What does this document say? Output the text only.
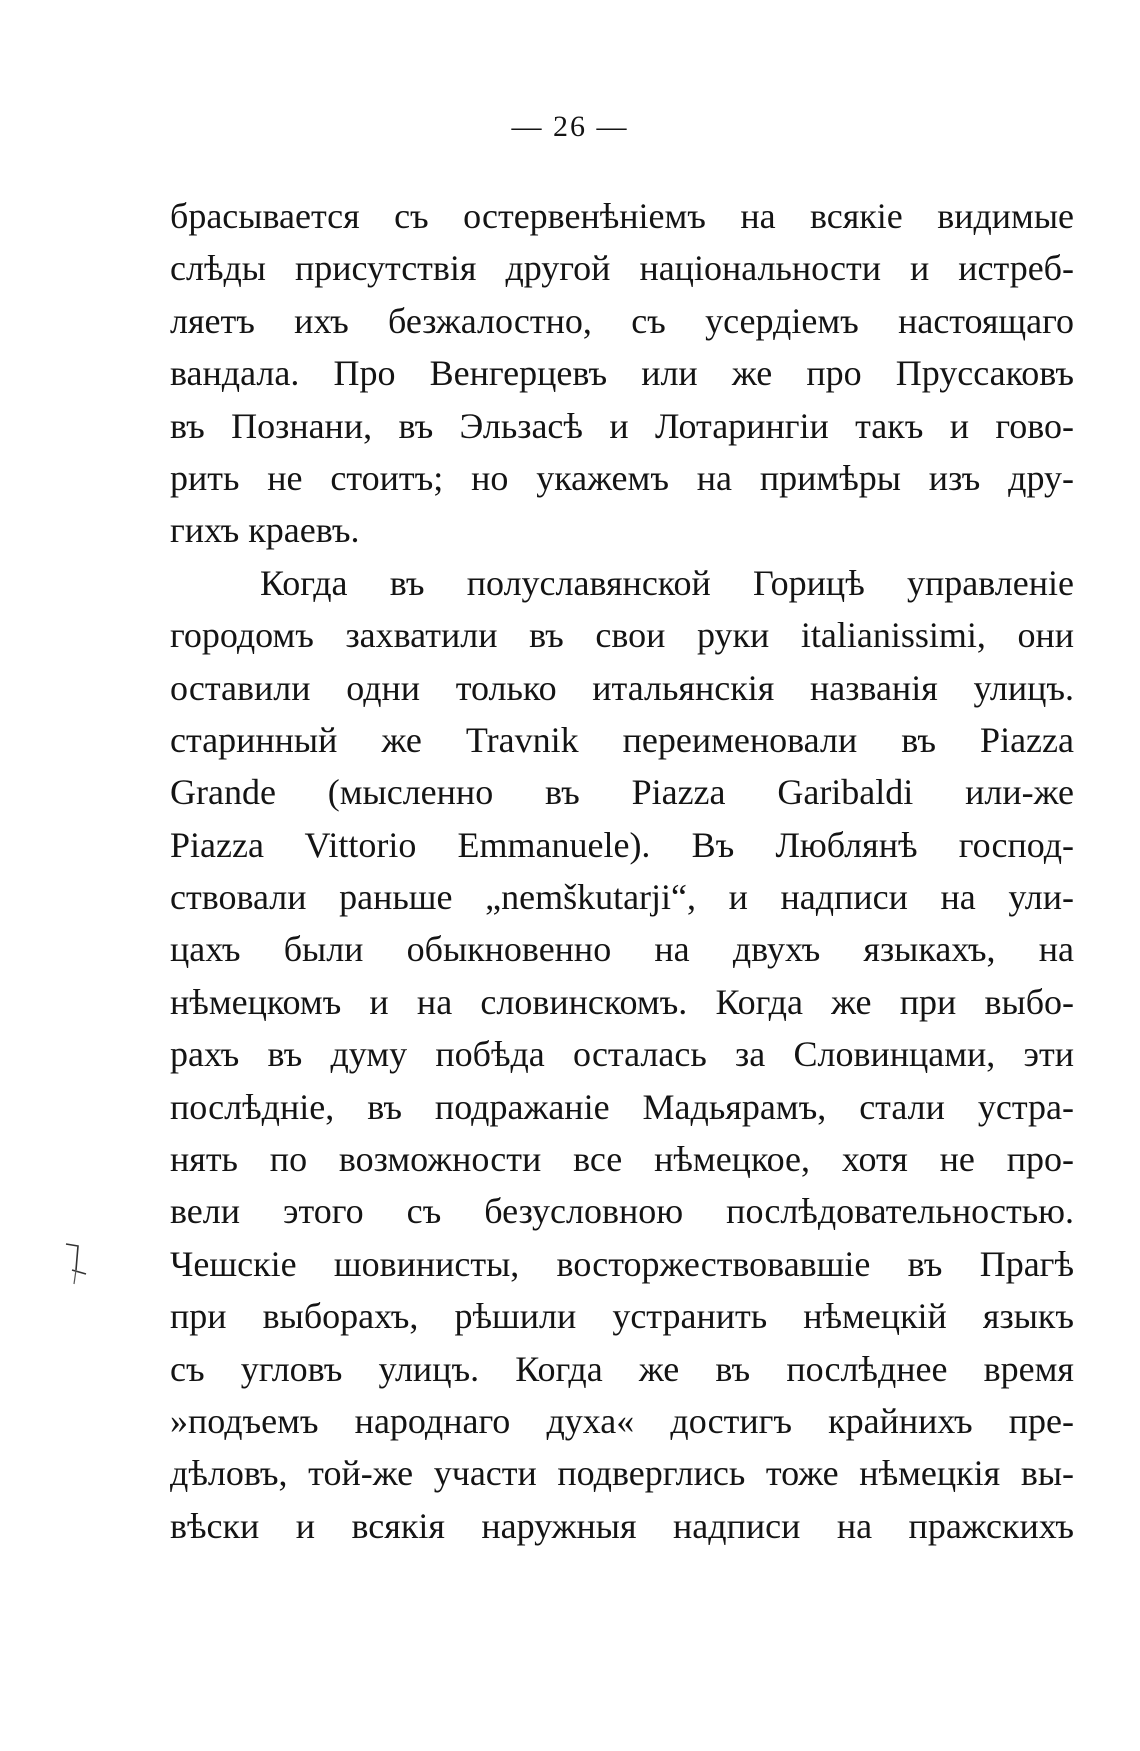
— 26 —
брасывается съ остервенѣніемъ на всякіе видимые
слѣды присутствія другой національности и истреб-
ляетъ ихъ безжалостно, съ усердіемъ настоящаго
вандала. Про Венгерцевъ или же про Пруссаковъ
въ Познани, въ Эльзасѣ и Лотарингіи такъ и гово-
рить не стоитъ; но укажемъ на примѣры изъ дру-
гихъ краевъ.
Когда въ полуславянской Горицѣ управленіе
городомъ захватили въ свои руки italianissimi, они
оставили одни только итальянскія названія улицъ.
старинный же Travnik переименовали въ Piazza
Grande (мысленно въ Piazza Garibaldi или-же
Piazza Vittorio Emmanuele). Въ Люблянѣ господ-
ствовали раньше „nemškutarji“, и надписи на ули-
цахъ были обыкновенно на двухъ языкахъ, на
нѣмецкомъ и на словинскомъ. Когда же при выбо-
рахъ въ думу побѣда осталась за Словинцами, эти
послѣдніе, въ подражаніе Мадьярамъ, стали устра-
нять по возможности все нѣмецкое, хотя не про-
вели этого съ безусловною послѣдовательностью.
Чешскіе шовинисты, восторжествовавшіе въ Прагѣ
при выборахъ, рѣшили устранить нѣмецкій языкъ
съ угловъ улицъ. Когда же въ послѣднее время
»подъемъ народнаго духа« достигъ крайнихъ пре-
дѣловъ, той-же участи подверглись тоже нѣмецкія вы-
вѣски и всякія наружныя надписи на пражскихъ
